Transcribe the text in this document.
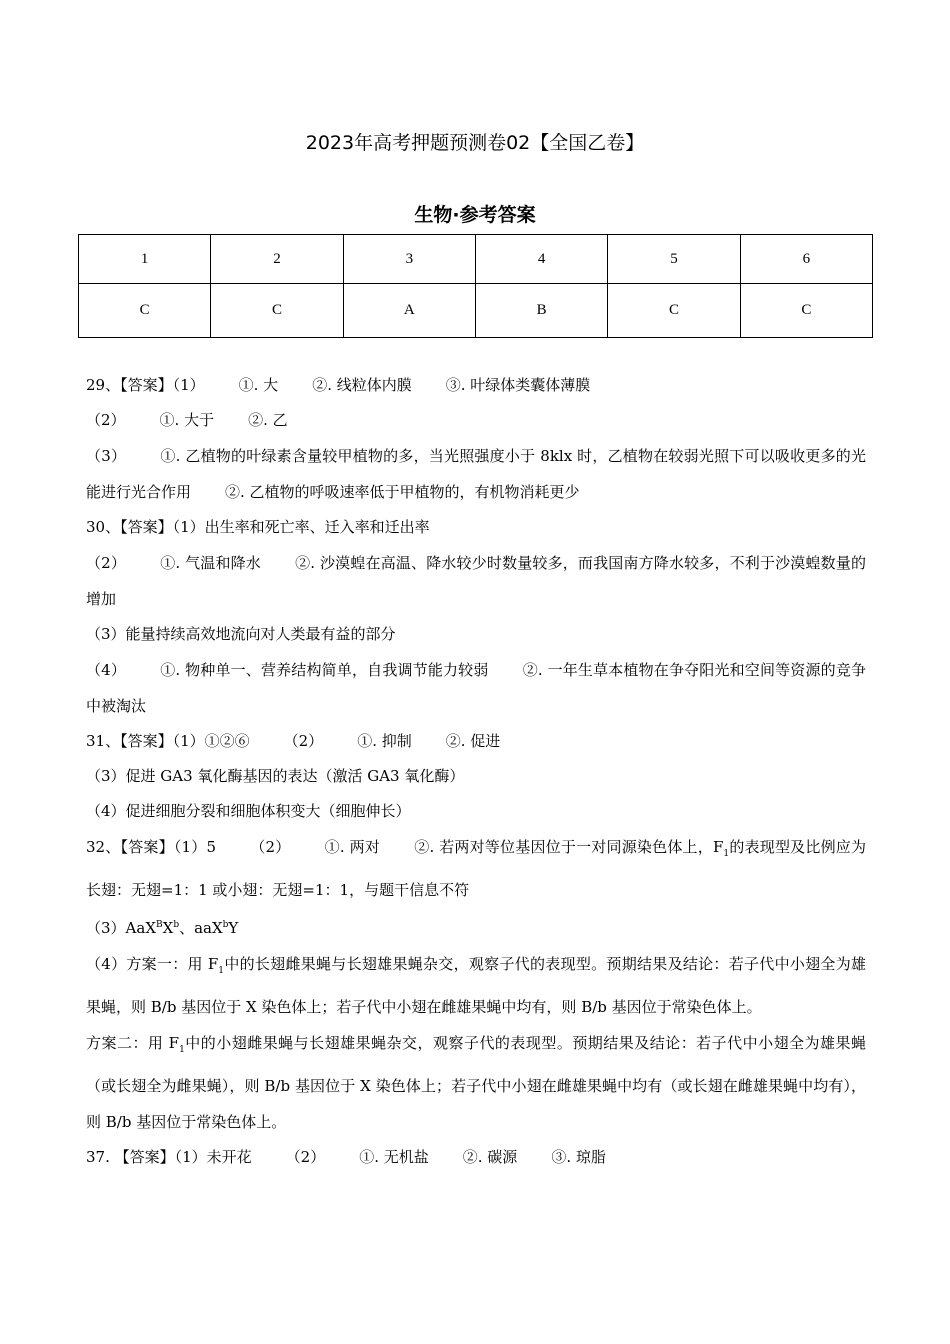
2023年高考押题预测卷02【全国乙卷】
生物·参考答案
1	2	3	4	5	6
C	C	A	B	C	C
29、【答案】（1） ①. 大 ②. 线粒体内膜 ③. 叶绿体类囊体薄膜
（2） ①. 大于 ②. 乙
（3） ①. 乙植物的叶绿素含量较甲植物的多，当光照强度小于 8klx 时，乙植物在较弱光照下可以吸收更多的光能进行光合作用 ②. 乙植物的呼吸速率低于甲植物的，有机物消耗更少
30、【答案】（1）出生率和死亡率、迁入率和迁出率
（2） ①. 气温和降水 ②. 沙漠蝗在高温、降水较少时数量较多，而我国南方降水较多，不利于沙漠蝗数量的增加
（3）能量持续高效地流向对人类最有益的部分
（4） ①. 物种单一、营养结构简单，自我调节能力较弱 ②. 一年生草本植物在争夺阳光和空间等资源的竞争中被淘汰
31、【答案】（1）①②⑥ （2） ①. 抑制 ②. 促进
（3）促进 GA3 氧化酶基因的表达（激活 GA3 氧化酶）
（4）促进细胞分裂和细胞体积变大（细胞伸长）
32、【答案】（1）5 （2） ①. 两对 ②. 若两对等位基因位于一对同源染色体上，$F_1$的表现型及比例应为长翅：无翅=1：1 或小翅：无翅=1：1，与题干信息不符
$(3)AaX^BX^b$、aaX$^b$Y
（4）方案一：用 $F_1$中的长翅雌果蝇与长翅雄果蝇杂交，观察子代的表现型。预期结果及结论：若子代中小翅全为雄果蝇，则 B/b 基因位于 X 染色体上；若子代中小翅在雌雄果蝇中均有，则 B/b 基因位于常染色体上。
方案二：用 $F_1$中的小翅雌果蝇与长翅雄果蝇杂交，观察子代的表现型。预期结果及结论：若子代中小翅全为雄果蝇（或长翅全为雌果蝇），则 B/b 基因位于 X 染色体上；若子代中小翅在雌雄果蝇中均有（或长翅在雌雄果蝇中均有），则 B/b 基因位于常染色体上。
37. 【答案】（1）未开花 （2） ①. 无机盐 ②. 碳源 ③. 琼脂
